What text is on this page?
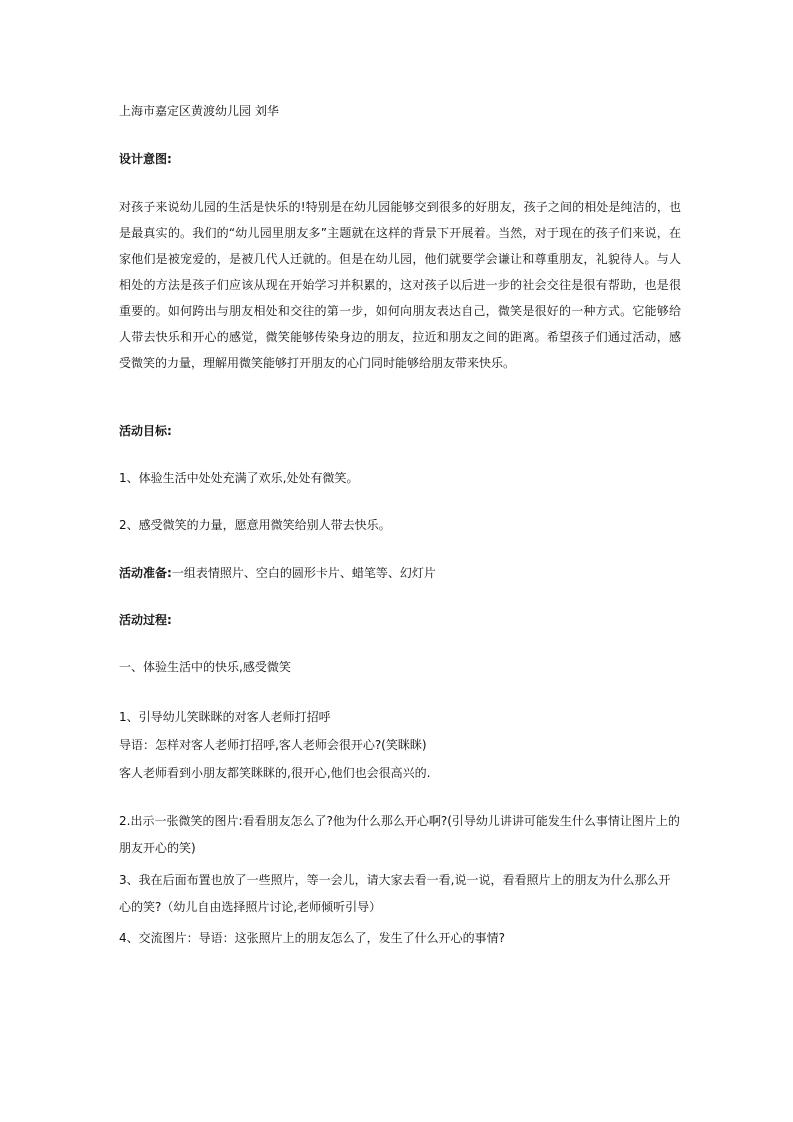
上海市嘉定区黄渡幼儿园 刘华
设计意图:
对孩子来说幼儿园的生活是快乐的!特别是在幼儿园能够交到很多的好朋友，孩子之间的相处是纯洁的，也是最真实的。我们的“幼儿园里朋友多”主题就在这样的背景下开展着。当然，对于现在的孩子们来说，在家他们是被宠爱的，是被几代人迁就的。但是在幼儿园，他们就要学会谦让和尊重朋友，礼貌待人。与人相处的方法是孩子们应该从现在开始学习并积累的，这对孩子以后进一步的社会交往是很有帮助，也是很重要的。如何跨出与朋友相处和交往的第一步，如何向朋友表达自己，微笑是很好的一种方式。它能够给人带去快乐和开心的感觉，微笑能够传染身边的朋友，拉近和朋友之间的距离。希望孩子们通过活动，感受微笑的力量，理解用微笑能够打开朋友的心门同时能够给朋友带来快乐。
活动目标:
1、体验生活中处处充满了欢乐,处处有微笑。
2、感受微笑的力量，愿意用微笑给别人带去快乐。
活动准备:一组表情照片、空白的圆形卡片、蜡笔等、幻灯片
活动过程:
一、体验生活中的快乐,感受微笑
1、引导幼儿笑眯眯的对客人老师打招呼
导语：怎样对客人老师打招呼,客人老师会很开心?(笑眯眯)
客人老师看到小朋友都笑眯眯的,很开心,他们也会很高兴的.
2.出示一张微笑的图片:看看朋友怎么了?他为什么那么开心啊?(引导幼儿讲讲可能发生什么事情让图片上的朋友开心的笑)
3、我在后面布置也放了一些照片，等一会儿，请大家去看一看,说一说，看看照片上的朋友为什么那么开心的笑?（幼儿自由选择照片讨论,老师倾听引导）
4、交流图片：导语：这张照片上的朋友怎么了，发生了什么开心的事情?
